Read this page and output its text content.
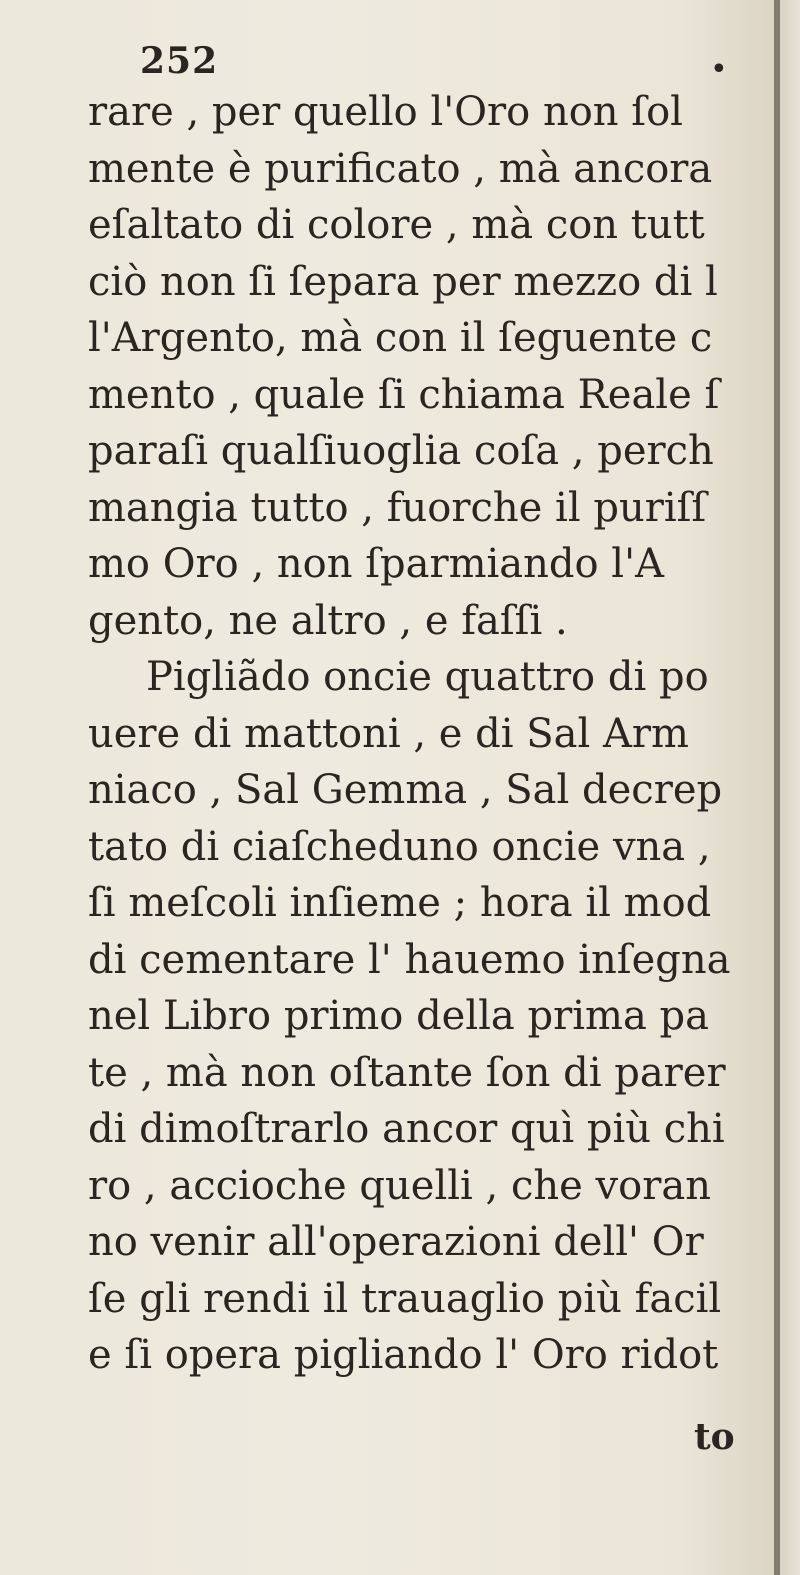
252	•
rare , per quello l'Oro non ſol
mente è purificato , mà ancora
eſaltato di colore , mà con tutt
ciò non ſi ſepara per mezzo di l
l'Argento, mà con il ſeguente c
mento , quale ſi chiama Reale ſ
paraſi qualſiuoglia coſa , perch
mangia tutto , fuorche il puriſſ
mo Oro , non ſparmiando l'A
gento, ne altro , e faſſi .
Pigliãdo oncie quattro di po
uere di mattoni , e di Sal Arm
niaco , Sal Gemma , Sal decrep
tato di ciaſcheduno oncie vna ,
ſi meſcoli inſieme ; hora il mod
di cementare l' hauemo inſegna
nel Libro primo della prima pa
te , mà non oſtante ſon di parer
di dimoſtrarlo ancor quì più chi
ro , accioche quelli , che voran
no venir all'operazioni dell' Or
ſe gli rendi il trauaglio più facil
e ſi opera pigliando l' Oro ridot
to
